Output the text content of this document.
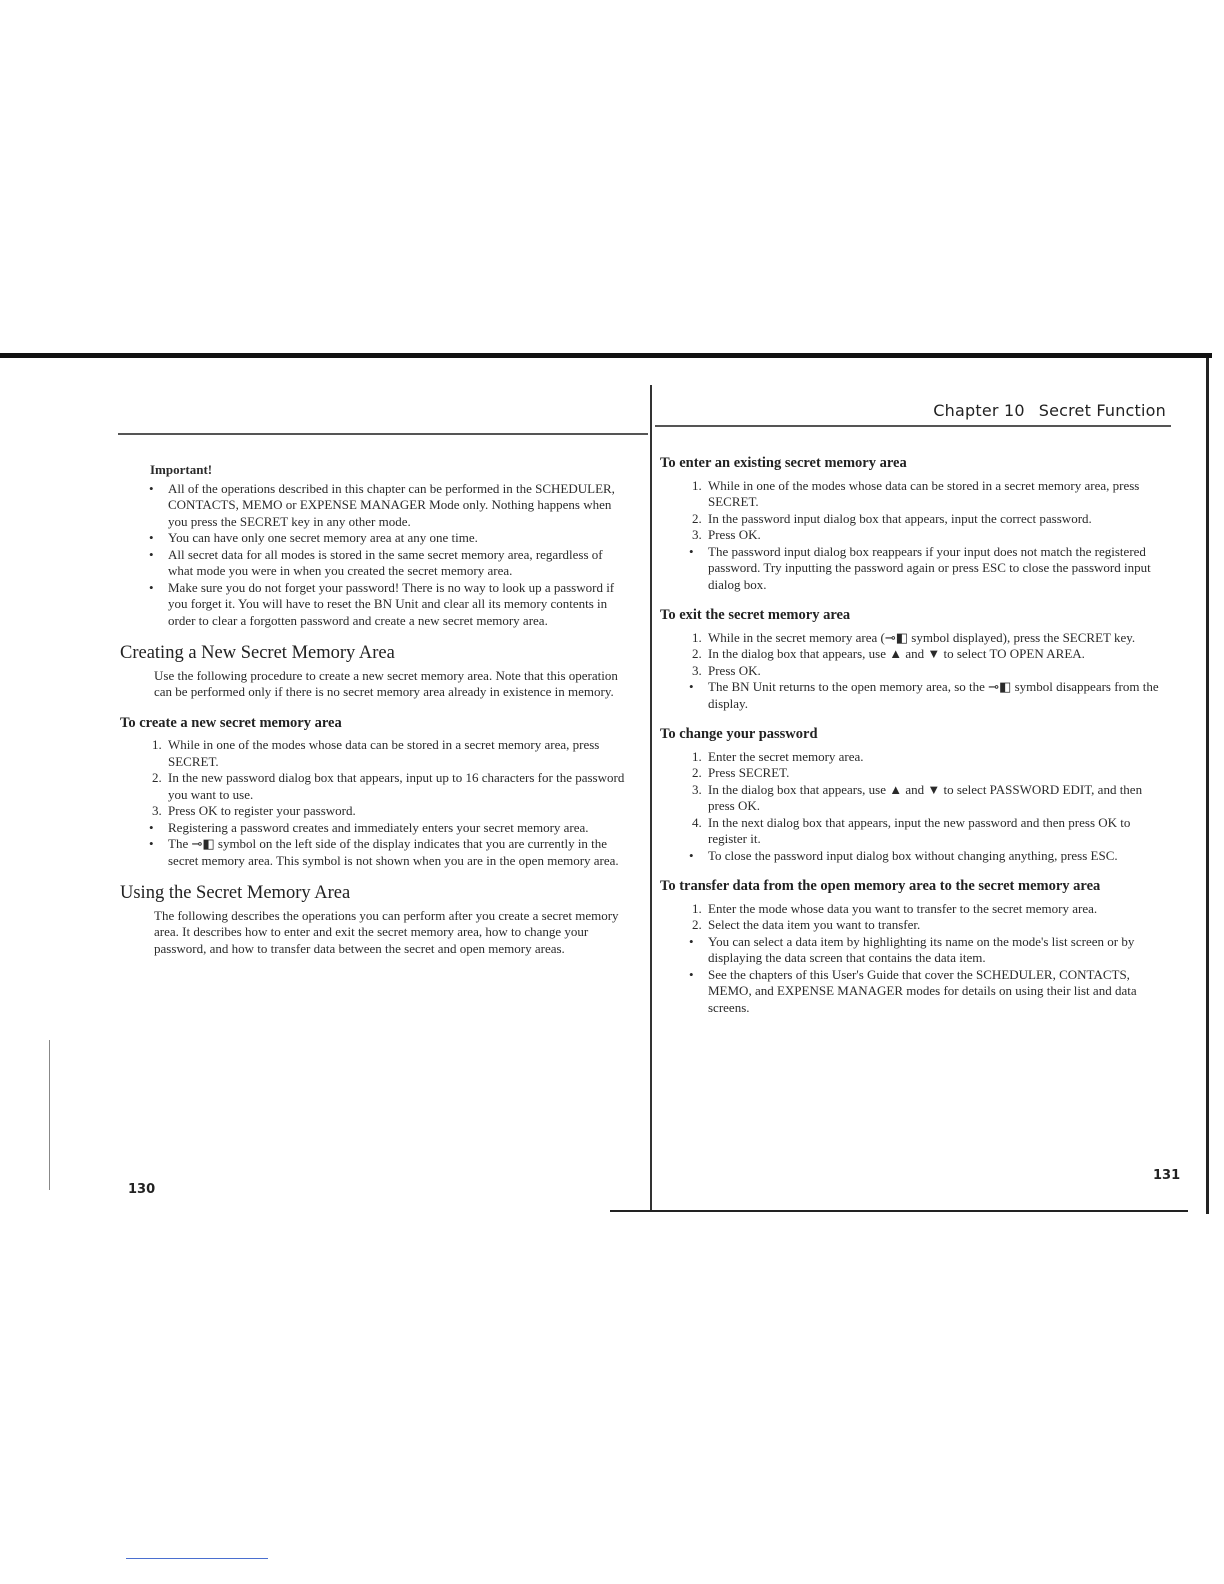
Chapter 10 Secret Function
Important!
• All of the operations described in this chapter can be performed in the SCHEDULER, CONTACTS, MEMO or EXPENSE MANAGER Mode only. Nothing happens when you press the SECRET key in any other mode.
• You can have only one secret memory area at any one time.
• All secret data for all modes is stored in the same secret memory area, regardless of what mode you were in when you created the secret memory area.
• Make sure you do not forget your password! There is no way to look up a password if you forget it. You will have to reset the BN Unit and clear all its memory contents in order to clear a forgotten password and create a new secret memory area.
Creating a New Secret Memory Area
Use the following procedure to create a new secret memory area. Note that this operation can be performed only if there is no secret memory area already in existence in memory.
To create a new secret memory area
1. While in one of the modes whose data can be stored in a secret memory area, press SECRET.
2. In the new password dialog box that appears, input up to 16 characters for the password you want to use.
3. Press OK to register your password.
• Registering a password creates and immediately enters your secret memory area.
• The ⊸◧ symbol on the left side of the display indicates that you are currently in the secret memory area. This symbol is not shown when you are in the open memory area.
Using the Secret Memory Area
The following describes the operations you can perform after you create a secret memory area. It describes how to enter and exit the secret memory area, how to change your password, and how to transfer data between the secret and open memory areas.
130
To enter an existing secret memory area
1. While in one of the modes whose data can be stored in a secret memory area, press SECRET.
2. In the password input dialog box that appears, input the correct password.
3. Press OK.
• The password input dialog box reappears if your input does not match the registered password. Try inputting the password again or press ESC to close the password input dialog box.
To exit the secret memory area
1. While in the secret memory area (⊸◧ symbol displayed), press the SECRET key.
2. In the dialog box that appears, use ▲ and ▼ to select TO OPEN AREA.
3. Press OK.
• The BN Unit returns to the open memory area, so the ⊸◧ symbol disappears from the display.
To change your password
1. Enter the secret memory area.
2. Press SECRET.
3. In the dialog box that appears, use ▲ and ▼ to select PASSWORD EDIT, and then press OK.
4. In the next dialog box that appears, input the new password and then press OK to register it.
• To close the password input dialog box without changing anything, press ESC.
To transfer data from the open memory area to the secret memory area
1. Enter the mode whose data you want to transfer to the secret memory area.
2. Select the data item you want to transfer.
• You can select a data item by highlighting its name on the mode's list screen or by displaying the data screen that contains the data item.
• See the chapters of this User's Guide that cover the SCHEDULER, CONTACTS, MEMO, and EXPENSE MANAGER modes for details on using their list and data screens.
131
